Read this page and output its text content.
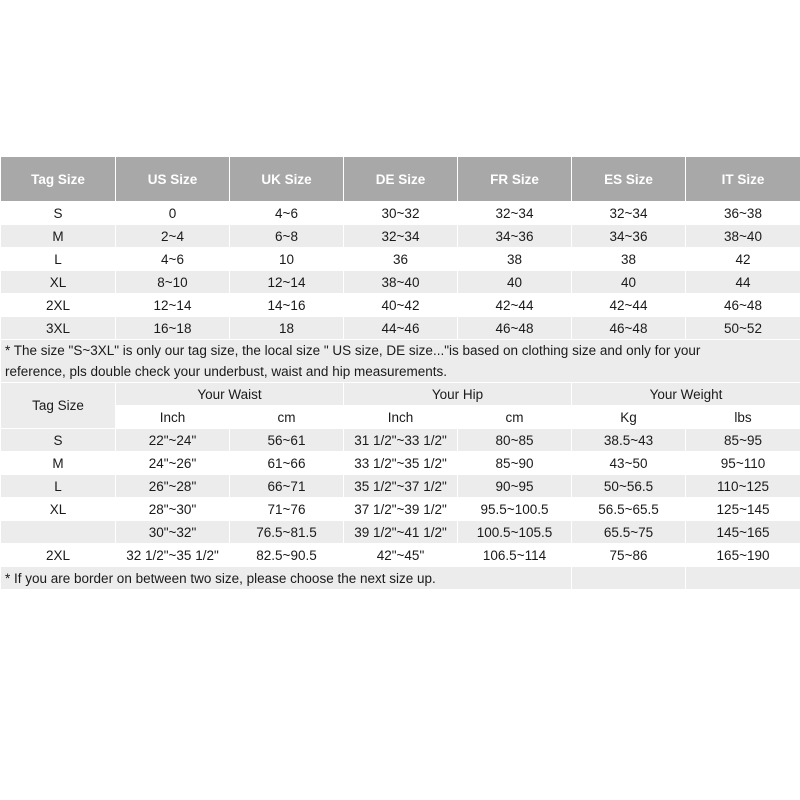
Tag Size	US Size	UK Size	DE Size	FR Size	ES Size	IT Size
S	0	4~6	30~32	32~34	32~34	36~38
M	2~4	6~8	32~34	34~36	34~36	38~40
L	4~6	10	36	38	38	42
XL	8~10	12~14	38~40	40	40	44
2XL	12~14	14~16	40~42	42~44	42~44	46~48
3XL	16~18	18	44~46	46~48	46~48	50~52
* The size "S~3XL" is only our tag size, the local size " US size, DE size..."is based on clothing size and only for your
reference, pls double check your underbust, waist and hip measurements.						
Tag Size	Your Waist		Your Hip		Your Weight	
	Inch	cm	Inch	cm	Kg	lbs
S	22"~24"	56~61	31 1/2"~33 1/2"	80~85	38.5~43	85~95
M	24"~26"	61~66	33 1/2"~35 1/2"	85~90	43~50	95~110
L	26"~28"	66~71	35 1/2"~37 1/2"	90~95	50~56.5	110~125
XL	28"~30"	71~76	37 1/2"~39 1/2"	95.5~100.5	56.5~65.5	125~145
	30"~32"	76.5~81.5	39 1/2"~41 1/2"	100.5~105.5	65.5~75	145~165
2XL	32 1/2"~35 1/2"	82.5~90.5	42"~45"	106.5~114	75~86	165~190
* If you are border on between two size, please choose the next size up.						
